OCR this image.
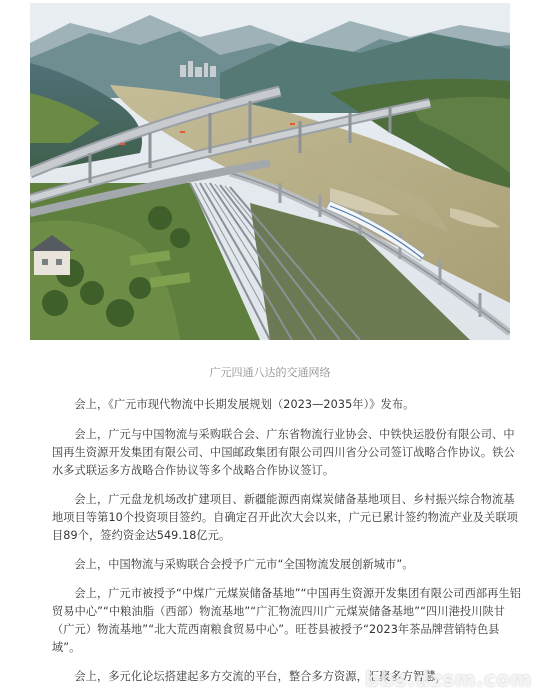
广元四通八达的交通网络

会上，《广元市现代物流中长期发展规划（2023—2035年）》发布。

会上，广元与中国物流与采购联合会、广东省物流行业协会、中铁快运股份有限公司、中国再生资源开发集团有限公司、中国邮政集团有限公司四川省分公司签订战略合作协议。铁公水多式联运多方战略合作协议等多个战略合作协议签订。

会上，广元盘龙机场改扩建项目、新疆能源西南煤炭储备基地项目、乡村振兴综合物流基地项目等第10个投资项目签约。自确定召开此次大会以来，广元已累计签约物流产业及关联项目89个，签约资金达549.18亿元。

会上，中国物流与采购联合会授予广元市“全国物流发展创新城市”。

会上，广元市被授予“中煤广元煤炭储备基地”“中国再生资源开发集团有限公司西部再生铝贸易中心”“中粮油脂（西部）物流基地”“广汇物流四川广元煤炭储备基地”“四川港投川陕甘（广元）物流基地”“北大荒西南粮食贸易中心”。旺苍县被授予“2023年茶品牌营销特色县域”。

会上，多元化论坛搭建起多方交流的平台，整合多方资源，汇聚多方智慧，

bbs.dzsm.com
